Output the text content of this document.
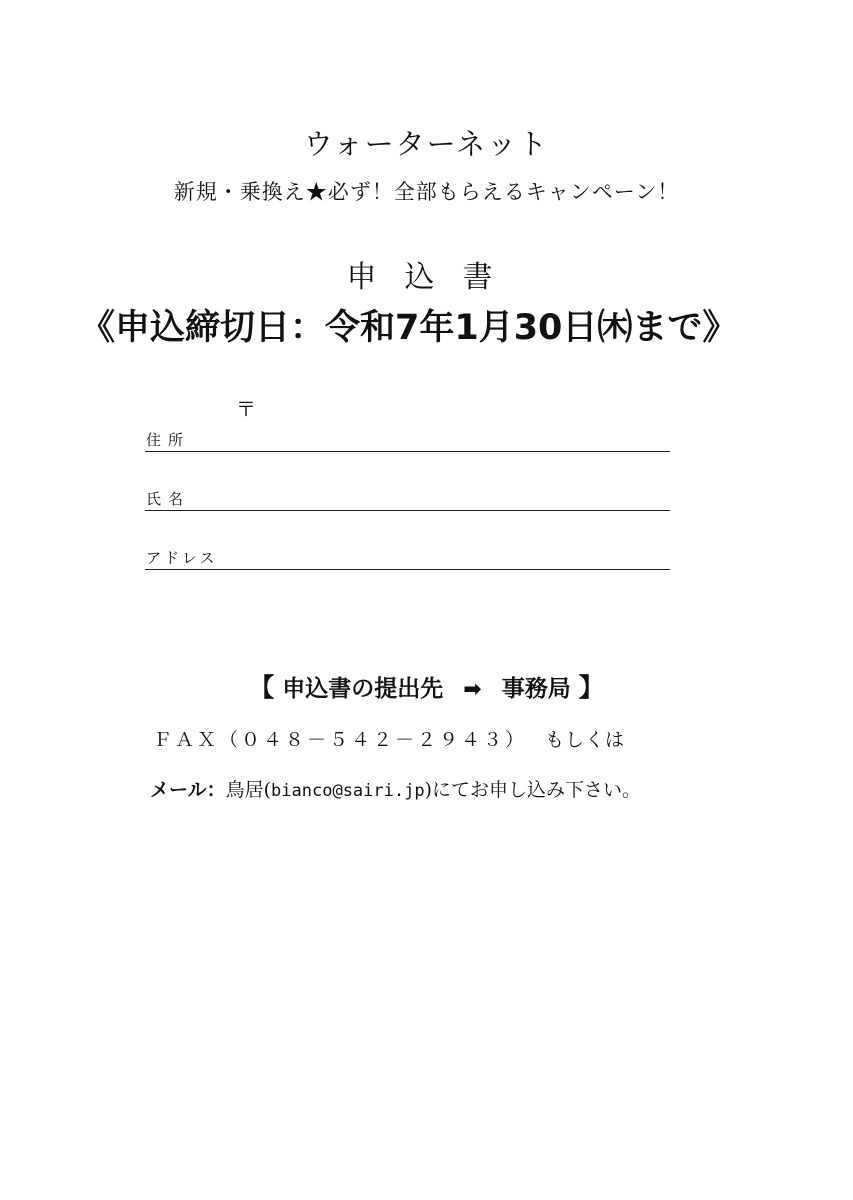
ウォーターネット
新規・乗換え★必ず！全部もらえるキャンペーン！
申込書
《申込締切日：令和7年1月30日㈭まで》
〒
住所
氏名
アドレス
【 申込書の提出先 ➡ 事務局 】
ＦＡＸ（０４８－５４２－２９４３） もしくは
メール：鳥居(bianco@sairi.jp)にてお申し込み下さい。
